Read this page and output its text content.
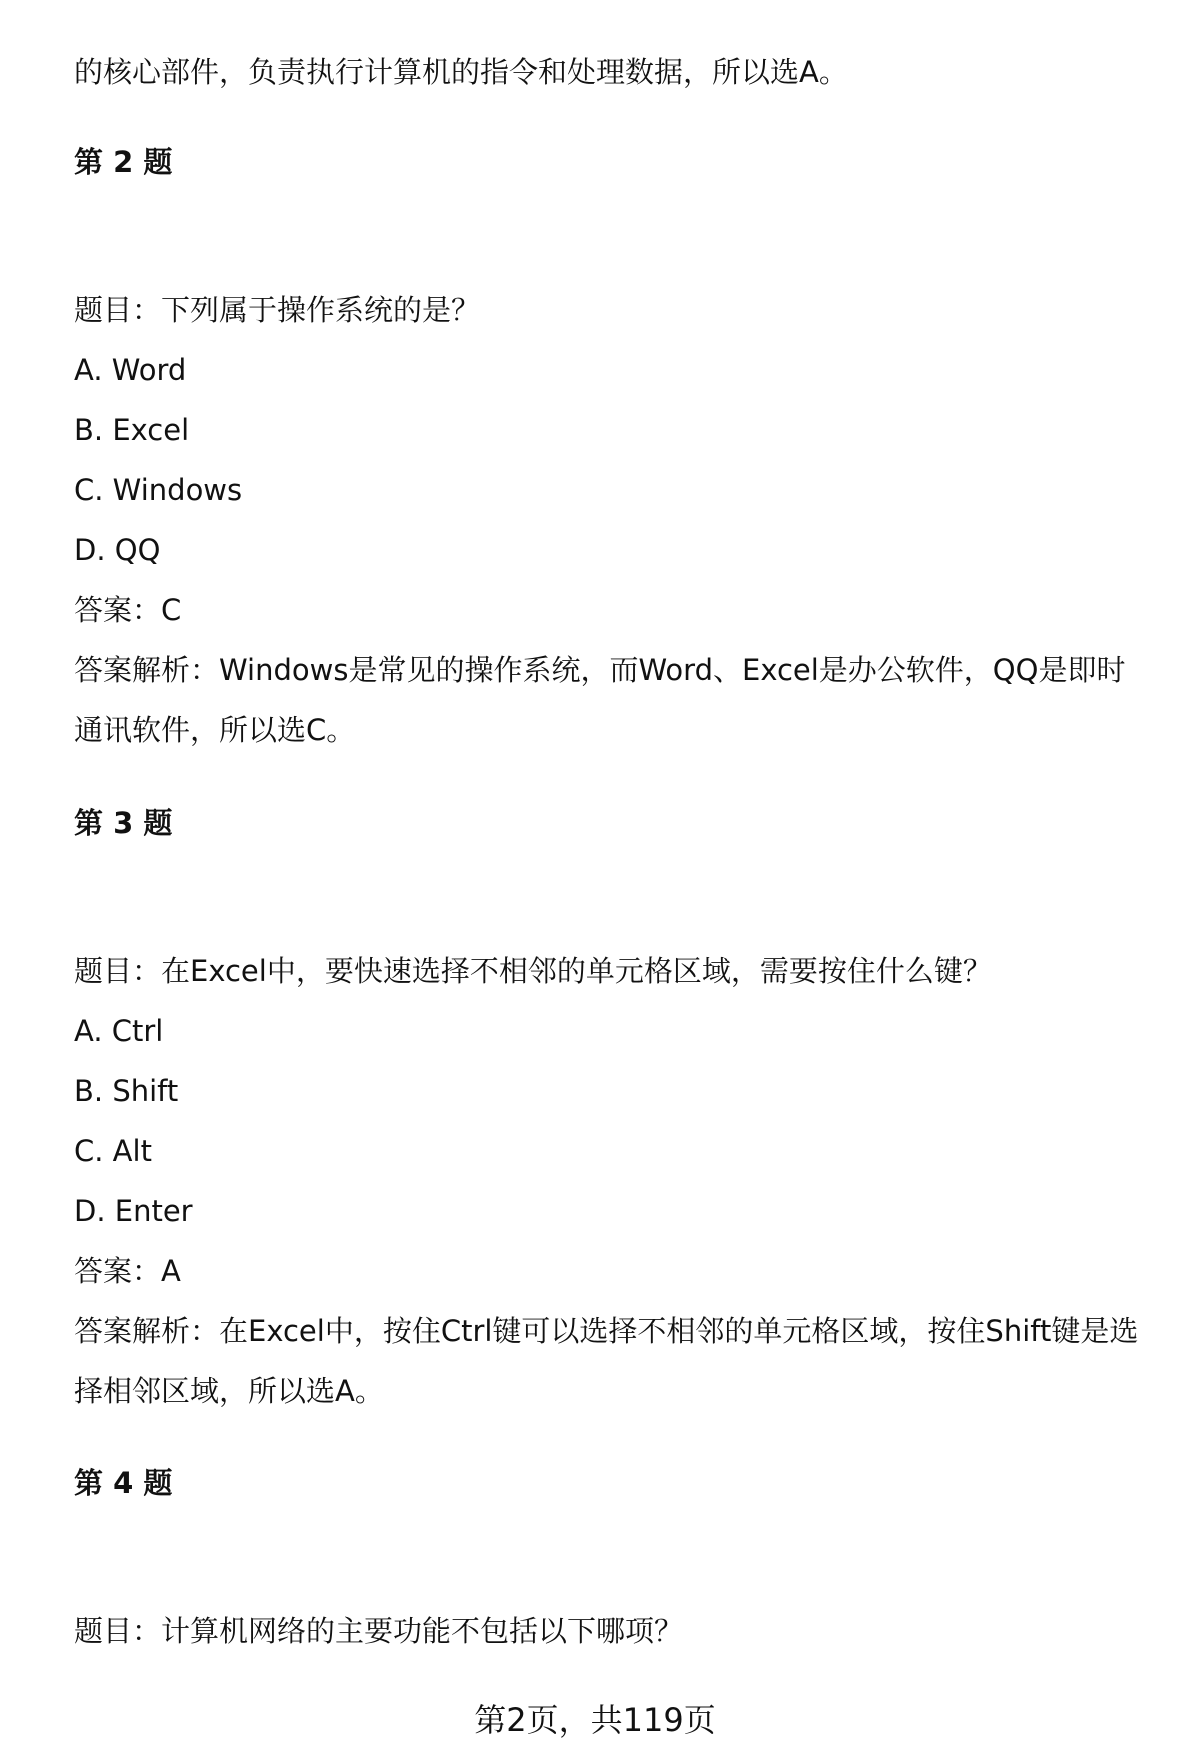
的核心部件，负责执行计算机的指令和处理数据，所以选A。
第 2 题
题目：下列属于操作系统的是？
A. Word
B. Excel
C. Windows
D. QQ
答案：C
答案解析：Windows是常见的操作系统，而Word、Excel是办公软件，QQ是即时
通讯软件，所以选C。
第 3 题
题目：在Excel中，要快速选择不相邻的单元格区域，需要按住什么键？
A. Ctrl
B. Shift
C. Alt
D. Enter
答案：A
答案解析：在Excel中，按住Ctrl键可以选择不相邻的单元格区域，按住Shift键是选
择相邻区域，所以选A。
第 4 题
题目：计算机网络的主要功能不包括以下哪项？
第2页，共119页
